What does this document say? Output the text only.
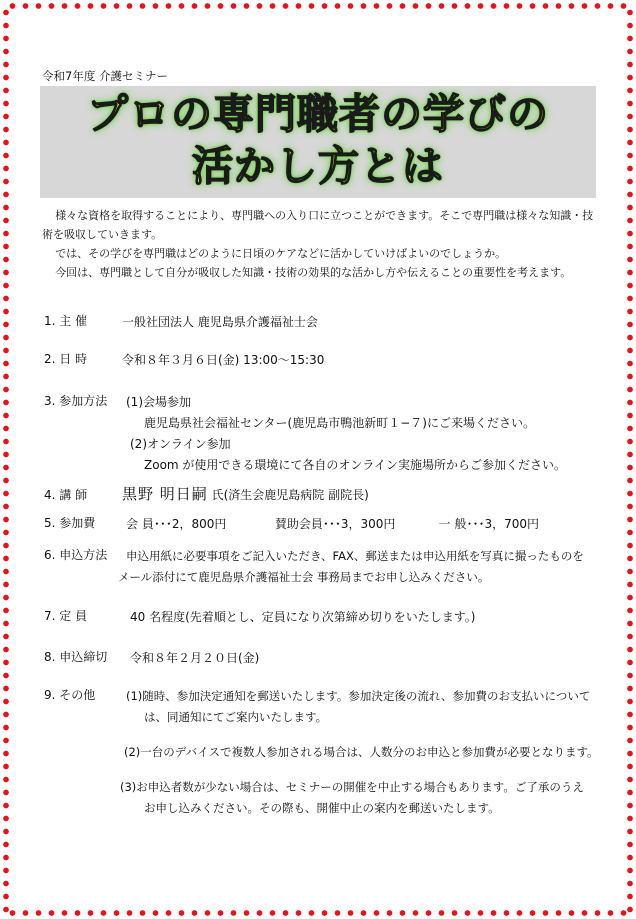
令和7年度 介護セミナー
プロの専門職者の学びの
活かし方とは

様々な資格を取得することにより、専門職への入り口に立つことができます。そこで専門職は様々な知識・技術を吸収していきます。

では、その学びを専門職はどのように日頃のケアなどに活かしていけばよいのでしょうか。

今回は、専門職として自分が吸収した知識・技術の効果的な活かし方や伝えることの重要性を考えます。

1. 主 催	一般社団法人 鹿児島県介護福祉士会
2. 日 時	令和８年３月６日(金) 13:00～15:30
3. 参加方法 (1)会場参加
鹿児島県社会福祉センター(鹿児島市鴨池新町１−７)にご来場ください。
(2)オンライン参加
Zoom が使用できる環境にて各自のオンライン実施場所からご参加ください。
4. 講 師 黒野 明日嗣 氏(済生会鹿児島病院 副院長)
5. 参加費	会 員･･･2，800円	賛助会員･･･3，300円	一 般･･･3，700円
6. 申込方法 申込用紙に必要事項をご記入いただき、FAX、郵送または申込用紙を写真に撮ったものを
メール添付にて鹿児島県介護福祉士会 事務局までお申し込みください。
7. 定 員	40 名程度(先着順とし、定員になり次第締め切りをいたします。)
8. 申込締切 令和８年２月２０日(金)
9. その他	(1)随時、参加決定通知を郵送いたします。参加決定後の流れ、参加費のお支払いについて
は、同通知にてご案内いたします。
(2)一台のデバイスで複数人参加される場合は、人数分のお申込と参加費が必要となります。
(3)お申込者数が少ない場合は、セミナーの開催を中止する場合もあります。ご了承のうえ
お申し込みください。その際も、開催中止の案内を郵送いたします。
